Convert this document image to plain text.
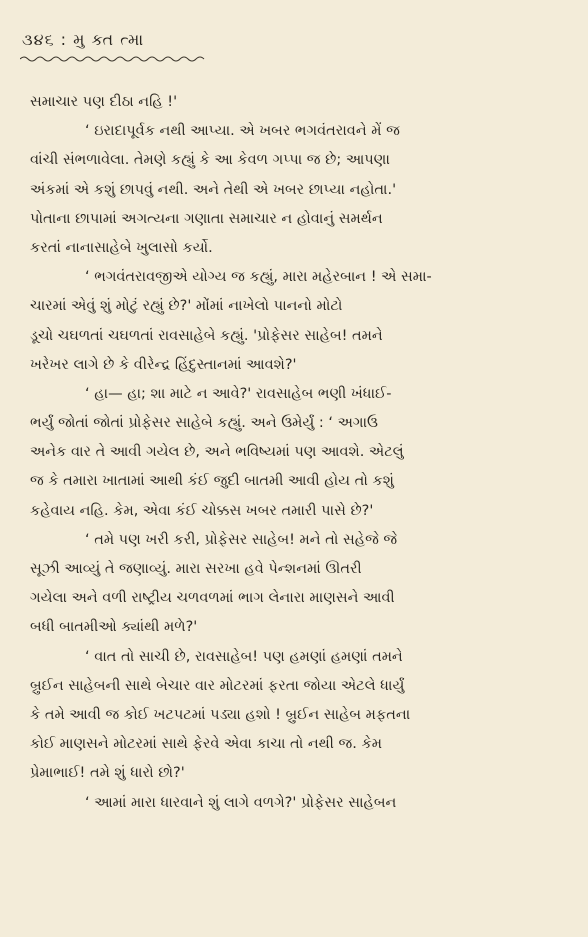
૩૪૬ : મુ ક્ત ત્મા
સમાચાર પણ દીઠા નહિ !'
‘ ઇરાદાપૂર્વક નથી આપ્યા. એ ખબર ભગવંતરાવને મેં જ
વાંચી સંભળાવેલા. તેમણે કહ્યું કે આ કેવળ ગપ્પા જ છે; આપણા
અંકમાં એ કશું છાપવું નથી. અને તેથી એ ખબર છાપ્યા નહોતા.'
પોતાના છાપામાં અગત્યના ગણાતા સમાચાર ન હોવાનું સમર્થન
કરતાં નાનાસાહેબે ખુલાસો કર્યો.
‘ ભગવંતરાવજીએ યોગ્ય જ કહ્યું, મારા મહેરબાન ! એ સમા-
ચારમાં એવું શું મોટું રહ્યું છે?' મોંમાં નાખેલો પાનનો મોટો
ડૂચો ચઘળતાં ચઘળતાં રાવસાહેબે કહ્યું. 'પ્રોફેસર સાહેબ! તમને
ખરેખર લાગે છે કે વીરેન્દ્ર હિંદુસ્તાનમાં આવશે?'
‘ હા— હા; શા માટે ન આવે?' રાવસાહેબ ભણી ખંધાઈ-
ભર્યું જોતાં જોતાં પ્રોફેસર સાહેબે કહ્યું. અને ઉમેર્યું : ‘ અગાઉ
અનેક વાર તે આવી ગયેલ છે, અને ભવિષ્યમાં પણ આવશે. એટલું
જ કે તમારા ખાતામાં આથી કંઈ જુદી બાતમી આવી હોય તો કશું
કહેવાય નહિ. કેમ, એવા કંઈ ચોક્કસ ખબર તમારી પાસે છે?'
‘ તમે પણ ખરી કરી, પ્રોફેસર સાહેબ! મને તો સહેજે જે
સૂઝી આવ્યું તે જણાવ્યું. મારા સરખા હવે પેન્શનમાં ઊતરી
ગયેલા અને વળી રાષ્ટ્રીય ચળવળમાં ભાગ લેનારા માણસને આવી
બધી બાતમીઓ ક્યાંથી મળે?'
‘ વાત તો સાચી છે, રાવસાહેબ! પણ હમણાં હમણાં તમને
બ્રુઈન સાહેબની સાથે બેચાર વાર મોટરમાં ફરતા જોયા એટલે ધાર્યું
કે તમે આવી જ કોઈ ખટપટમાં પડ્યા હશો ! બ્રુઈન સાહેબ મફતના
કોઈ માણસને મોટરમાં સાથે ફેરવે એવા કાચા તો નથી જ. કેમ
પ્રેમાભાઈ! તમે શું ધારો છો?'
‘ આમાં મારા ધારવાને શું લાગે વળગે?' પ્રોફેસર સાહેબન
